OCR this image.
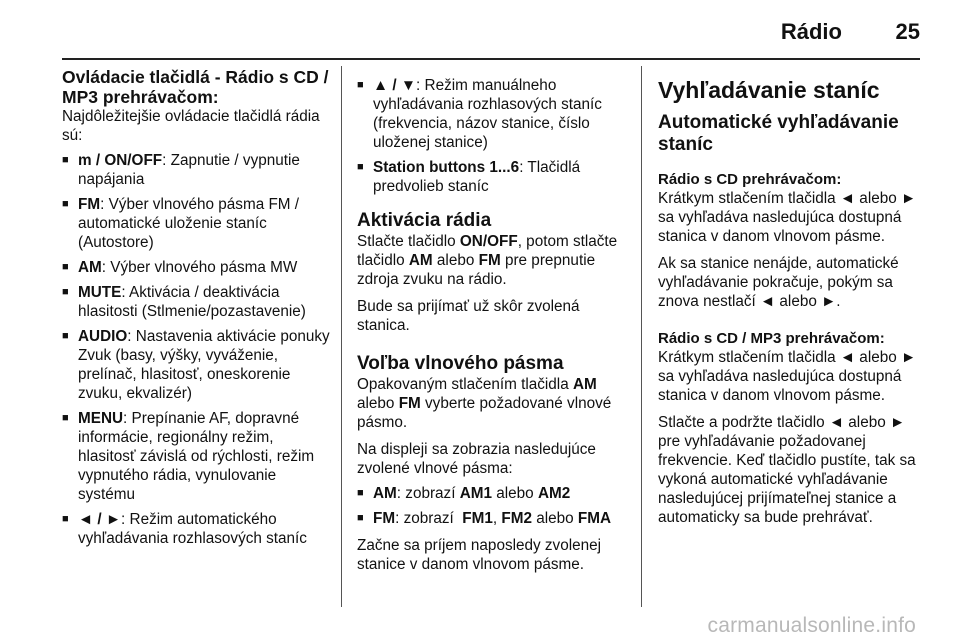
Rádio 25
Ovládacie tlačidlá - Rádio s CD / MP3 prehrávačom:
Najdôležitejšie ovládacie tlačidlá rádia sú:
■ m / ON/OFF: Zapnutie / vypnutie napájania
■ FM: Výber vlnového pásma FM / automatické uloženie staníc (Autostore)
■ AM: Výber vlnového pásma MW
■ MUTE: Aktivácia / deaktivácia hlasitosti (Stlmenie/pozastavenie)
■ AUDIO: Nastavenia aktivácie ponuky Zvuk (basy, výšky, vyváženie, prelínač, hlasitosť, oneskorenie zvuku, ekvalizér)
■ MENU: Prepínanie AF, dopravné informácie, regionálny režim, hlasitosť závislá od rýchlosti, režim vypnutého rádia, vynulovanie systému
■ ◄ / ►: Režim automatického vyhľadávania rozhlasových staníc
■ ▲ / ▼: Režim manuálneho vyhľadávania rozhlasových staníc (frekvencia, názov stanice, číslo uloženej stanice)
■ Station buttons 1...6: Tlačidlá predvolieb staníc
Aktivácia rádia
Stlačte tlačidlo ON/OFF, potom stlačte tlačidlo AM alebo FM pre prepnutie zdroja zvuku na rádio.
Bude sa prijímať už skôr zvolená stanica.
Voľba vlnového pásma
Opakovaným stlačením tlačidla AM alebo FM vyberte požadované vlnové pásmo.
Na displeji sa zobrazia nasledujúce zvolené vlnové pásma:
■ AM: zobrazí AM1 alebo AM2
■ FM: zobrazí  FM1, FM2 alebo FMA
Začne sa príjem naposledy zvolenej stanice v danom vlnovom pásme.
Vyhľadávanie staníc
Automatické vyhľadávanie staníc
Rádio s CD prehrávačom:
Krátkym stlačením tlačidla ◄ alebo ► sa vyhľadáva nasledujúca dostupná stanica v danom vlnovom pásme.
Ak sa stanice nenájde, automatické vyhľadávanie pokračuje, pokým sa znova nestlačí ◄ alebo ►.
Rádio s CD / MP3 prehrávačom:
Krátkym stlačením tlačidla ◄ alebo ► sa vyhľadáva nasledujúca dostupná stanica v danom vlnovom pásme.
Stlačte a podržte tlačidlo ◄ alebo ► pre vyhľadávanie požadovanej frekvencie. Keď tlačidlo pustíte, tak sa vykoná automatické vyhľadávanie nasledujúcej prijímateľnej stanice a automaticky sa bude prehrávať.
carmanualsonline.info
